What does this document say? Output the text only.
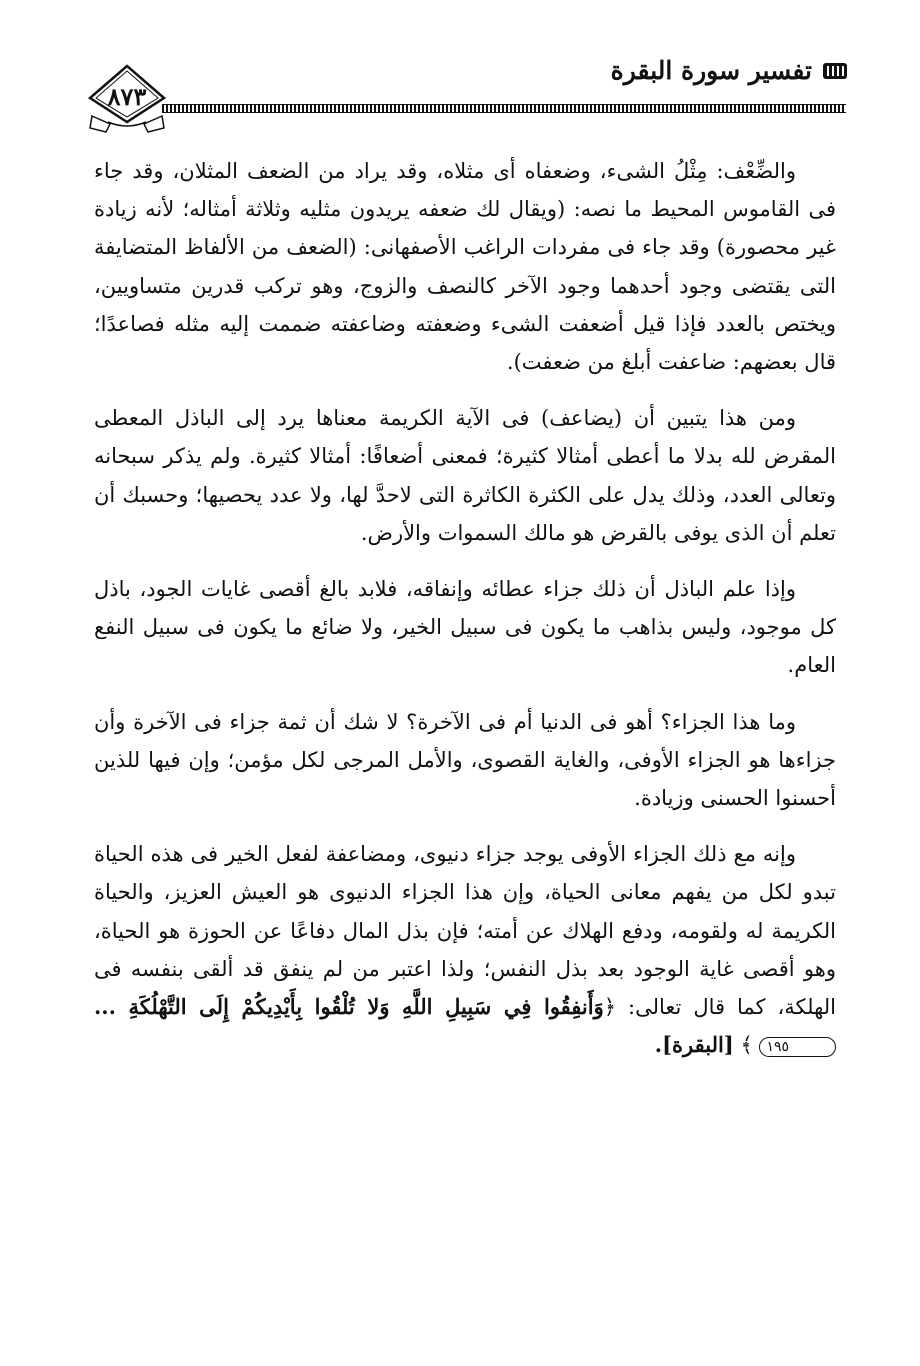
تفسير سورة البقرة
٨٧٣

والضِّعْف: مِثْلُ الشىء، وضعفاه أى مثلاه، وقد يراد من الضعف المثلان، وقد جاء فى القاموس المحيط ما نصه: (ويقال لك ضعفه يريدون مثليه وثلاثة أمثاله؛ لأنه زيادة غير محصورة) وقد جاء فى مفردات الراغب الأصفهانى: (الضعف من الألفاظ المتضايفة التى يقتضى وجود أحدهما وجود الآخر كالنصف والزوج، وهو تركب قدرين متساويين، ويختص بالعدد فإذا قيل أضعفت الشىء وضعفته وضاعفته ضممت إليه مثله فصاعدًا؛ قال بعضهم: ضاعفت أبلغ من ضعفت).

ومن هذا يتبين أن (يضاعف) فى الآية الكريمة معناها يرد إلى الباذل المعطى المقرض لله بدلا ما أعطى أمثالا كثيرة؛ فمعنى أضعافًا: أمثالا كثيرة. ولم يذكر سبحانه وتعالى العدد، وذلك يدل على الكثرة الكاثرة التى لاحدَّ لها، ولا عدد يحصيها؛ وحسبك أن تعلم أن الذى يوفى بالقرض هو مالك السموات والأرض.

وإذا علم الباذل أن ذلك جزاء عطائه وإنفاقه، فلابد بالغ أقصى غايات الجود، باذل كل موجود، وليس بذاهب ما يكون فى سبيل الخير، ولا ضائع ما يكون فى سبيل النفع العام.

وما هذا الجزاء؟ أهو فى الدنيا أم فى الآخرة؟ لا شك أن ثمة جزاء فى الآخرة وأن جزاءها هو الجزاء الأوفى، والغاية القصوى، والأمل المرجى لكل مؤمن؛ وإن فيها للذين أحسنوا الحسنى وزيادة.

وإنه مع ذلك الجزاء الأوفى يوجد جزاء دنيوى، ومضاعفة لفعل الخير فى هذه الحياة تبدو لكل من يفهم معانى الحياة، وإن هذا الجزاء الدنيوى هو العيش العزيز، والحياة الكريمة له ولقومه، ودفع الهلاك عن أمته؛ فإن بذل المال دفاعًا عن الحوزة هو الحياة، وهو أقصى غاية الوجود بعد بذل النفس؛ ولذا اعتبر من لم ينفق قد ألقى بنفسه فى الهلكة، كما قال تعالى: ﴿وَأَنفِقُوا فِي سَبِيلِ اللَّهِ وَلا تُلْقُوا بِأَيْدِيكُمْ إِلَى التَّهْلُكَةِ ... ١٩٥ ﴾ [البقرة].
